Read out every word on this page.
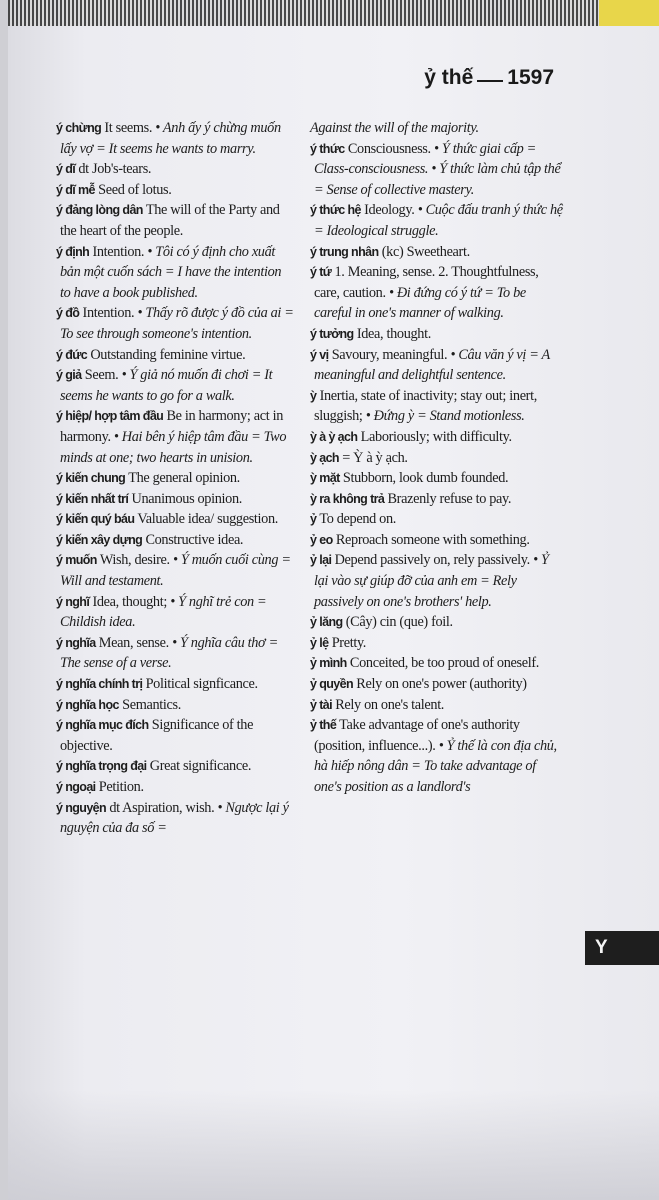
ỷ thế 1597

ý chừng It seems. • Anh ấy ý chừng muốn lấy vợ = It seems he wants to marry.

ý dĩ dt Job's-tears.

ý dĩ mễ Seed of lotus.

ý đảng lòng dân The will of the Party and the heart of the people.

ý định Intention. • Tôi có ý định cho xuất bản một cuốn sách = I have the intention to have a book published.

ý đồ Intention. • Thấy rõ được ý đồ của ai = To see through someone's intention.

ý đức Outstanding feminine virtue.

ý giả Seem. • Ý giả nó muốn đi chơi = It seems he wants to go for a walk.

ý hiệp/ hợp tâm đầu Be in harmony; act in harmony. • Hai bên ý hiệp tâm đầu = Two minds at one; two hearts in unision.

ý kiến chung The general opinion.

ý kiến nhất trí Unanimous opinion.

ý kiến quý báu Valuable idea/ suggestion.

ý kiến xây dựng Constructive idea.

ý muốn Wish, desire. • Ý muốn cuối cùng = Will and testament.

ý nghĩ Idea, thought; • Ý nghĩ trẻ con = Childish idea.

ý nghĩa Mean, sense. • Ý nghĩa câu thơ = The sense of a verse.

ý nghĩa chính trị Political signficance.

ý nghĩa học Semantics.

ý nghĩa mục đích Significance of the objective.

ý nghĩa trọng đại Great significance.

ý ngoại Petition.

ý nguyện dt Aspiration, wish. • Ngược lại ý nguyện của đa số =

Against the will of the majority.

ý thức Consciousness. • Ý thức giai cấp = Class-consciousness. • Ý thức làm chủ tập thể = Sense of collective mastery.

ý thức hệ Ideology. • Cuộc đấu tranh ý thức hệ = Ideological struggle.

ý trung nhân (kc) Sweetheart.

ý tứ 1. Meaning, sense. 2. Thoughtfulness, care, caution. • Đi đứng có ý tứ = To be careful in one's manner of walking.

ý tưởng Idea, thought.

ý vị Savoury, meaningful. • Câu văn ý vị = A meaningful and delightful sentence.

ỳ Inertia, state of inactivity; stay out; inert, sluggish; • Đứng ỳ = Stand motionless.

ỳ à ỳ ạch Laboriously; with difficulty.

ỳ ạch = Ỳ à ỳ ạch.

ỳ mặt Stubborn, look dumb founded.

ỳ ra không trả Brazenly refuse to pay.

ỷ To depend on.

ỷ eo Reproach someone with something.

ỷ lại Depend passively on, rely passively. • Ỷ lại vào sự giúp đỡ của anh em = Rely passively on one's brothers' help.

ỷ lăng (Cây) cin (que) foil.

ỷ lệ Pretty.

ỷ mình Conceited, be too proud of oneself.

ỷ quyền Rely on one's power (authority)

ỷ tài Rely on one's talent.

ỷ thế Take advantage of one's authority (position, influence...). • Ỷ thế là con địa chủ, hà hiếp nông dân = To take advantage of one's position as a landlord's

Y
